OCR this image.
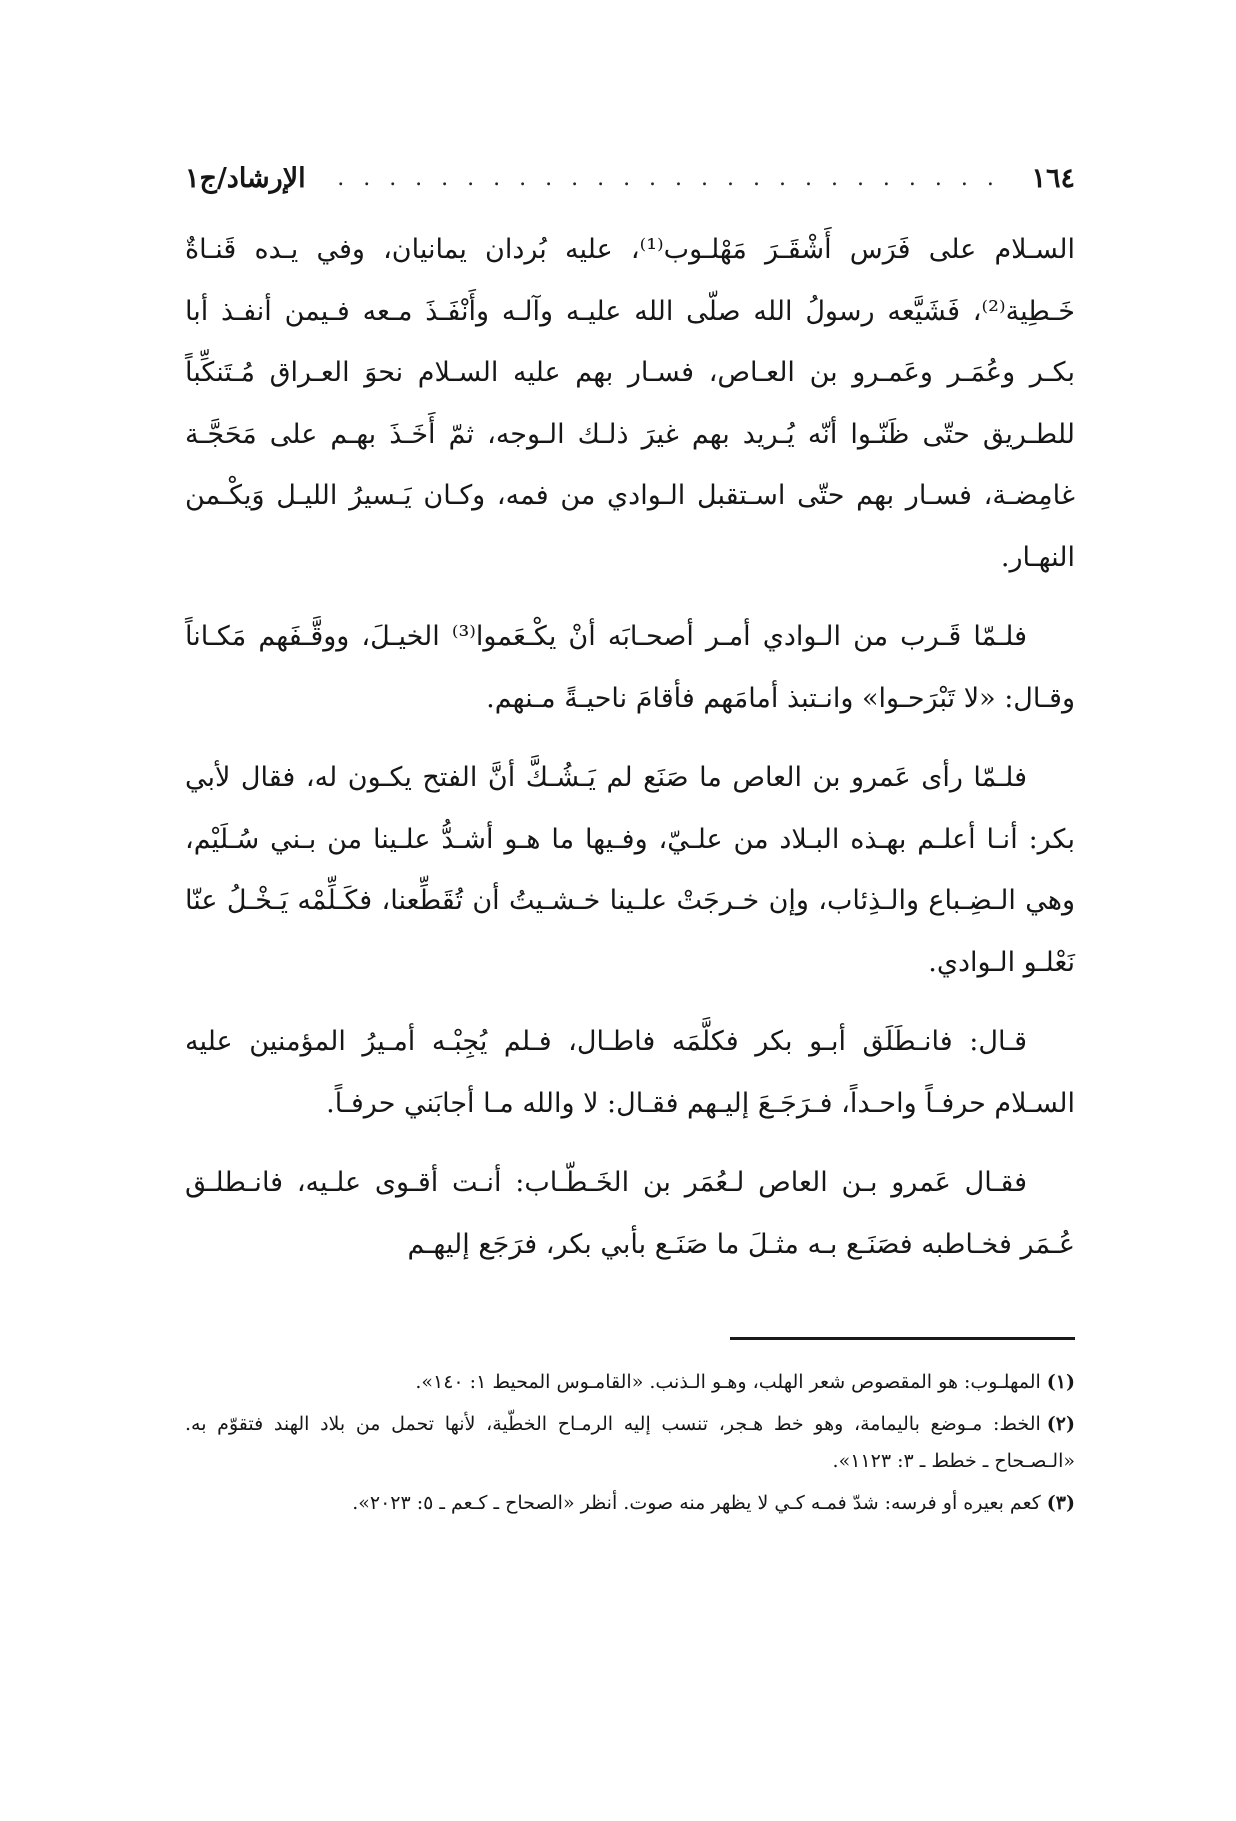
١٦٤
. . . . . . . . . . . . . . . . . . . . . . . . . .
الإرشاد/ج١

السـلام على فَرَس أَشْقَـرَ مَهْلـوب⁽¹⁾، عليه بُردان يمانيان، وفي يـده قَنـاةٌ خَـطِية⁽²⁾، فَشَيَّعه رسولُ الله صلّى الله عليـه وآلـه وأَنْفَـذَ مـعه فـيمن أنفـذ أبا بكـر وعُمَـر وعَمـرو بن العـاص، فسـار بهم عليه السـلام نحوَ العـراق مُـتَنكِّباً للطـريق حتّى ظَنّـوا أنّه يُـريد بهم غيرَ ذلـك الـوجه، ثمّ أَخَـذَ بهـم على مَحَجَّـة غامِضـة، فسـار بهم حتّى اسـتقبل الـوادي من فمه، وكـان يَـسيرُ الليـل وَيكْـمن النهـار.

فلـمّا قَـرب من الـوادي أمـر أصحـابَه أنْ يكْـعَموا⁽³⁾ الخيـلَ، ووقَّـفَهم مَكـاناً وقـال: «لا تَبْرَحـوا» وانـتبذ أمامَهم فأقامَ ناحيـةً مـنهم.

فلـمّا رأى عَمرو بن العاص ما صَنَع لم يَـشُـكَّ أنَّ الفتح يكـون له، فقال لأبي بكر: أنـا أعلـم بهـذه البـلاد من علـيّ، وفـيها ما هـو أشـدُّ علـينا من بـني سُـلَيْم، وهي الـضِـباع والـذِئاب، وإن خـرجَتْ علـينا خـشـيتُ أن تُقَطِّعنا، فكَـلِّمْه يَـخْـلُ عنّا نَعْلـو الـوادي.

قـال: فانـطَلَق أبـو بكر فكلَّمَه فاطـال، فـلم يُجِبْـه أمـيرُ المؤمنين عليه السـلام حرفـاً واحـداً، فـرَجَـعَ إليـهم فقـال: لا والله مـا أجابَني حرفـاً.

فقـال عَمرو بـن العاص لـعُمَر بن الخَـطّـاب: أنـت أقـوى علـيه، فانـطلـق عُـمَر فخـاطبه فصَنَـع بـه مثـلَ ما صَنَـع بأبي بكر، فرَجَع إليهـم

(١)المهلـوب: هو المقصوص شعر الهلب، وهـو الـذنب. «القامـوس المحيط ١: ١٤٠».

(٢)الخط: مـوضع باليمامة، وهو خط هـجر، تنسب إليه الرمـاح الخطّية، لأنها تحمل من بلاد الهند فتقوّم به. «الـصـحاح ـ خطط ـ ٣: ١١٢٣».

(٣)كعم بعيره أو فرسه: شدّ فمـه كـي لا يظهر منه صوت. أنظر «الصحاح ـ كـعم ـ ٥: ٢٠٢٣».
